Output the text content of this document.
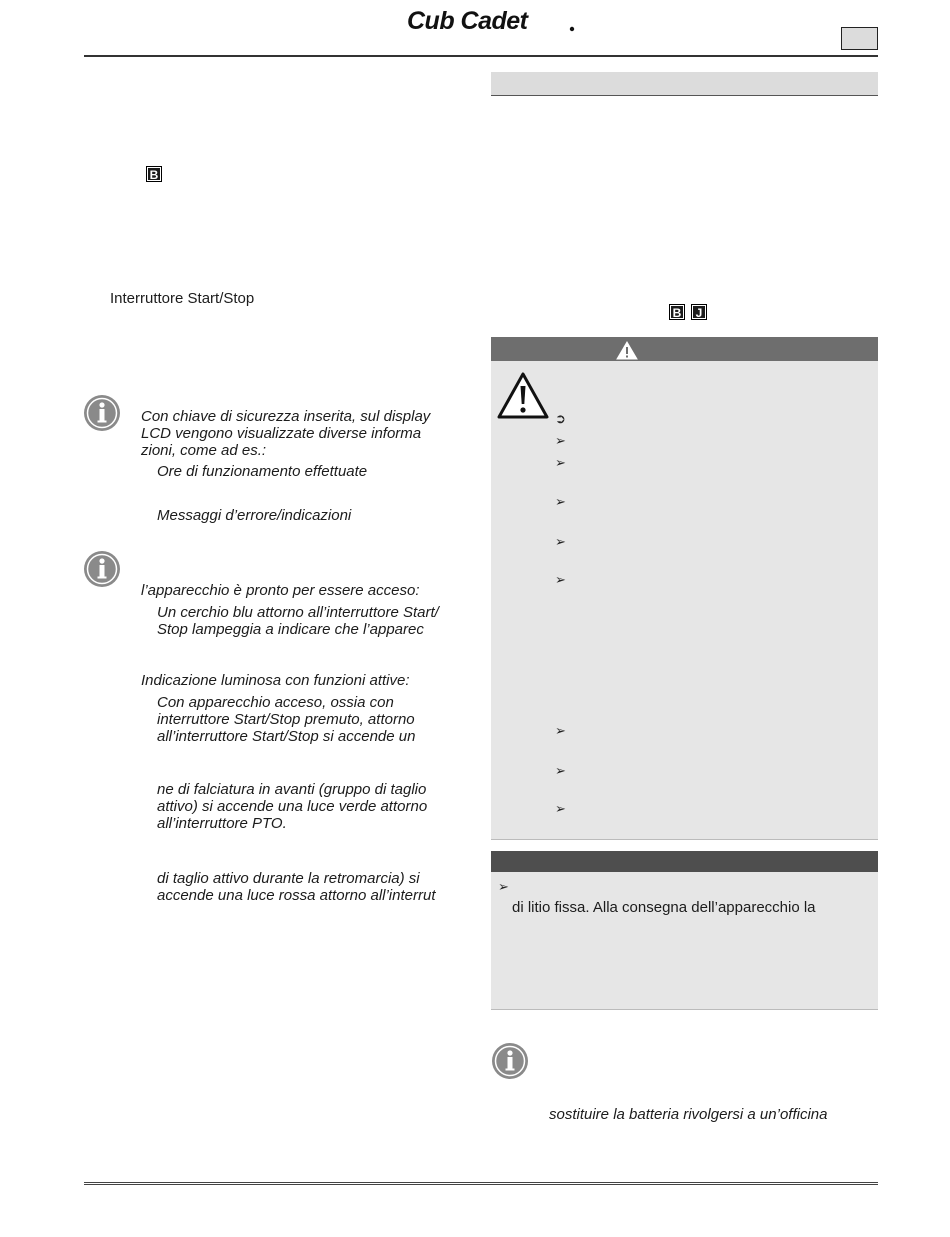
Cub Cadet
B
Interruttore Start/Stop
Con chiave di sicurezza inserita, sul display
LCD vengono visualizzate diverse informa
zioni, come ad es.:
Ore di funzionamento effettuate
Messaggi d’errore/indicazioni
l’apparecchio è pronto per essere acceso:
Un cerchio blu attorno all’interruttore Start/
Stop lampeggia a indicare che l’apparec
Indicazione luminosa con funzioni attive:
Con apparecchio acceso, ossia con
interruttore Start/Stop premuto, attorno
all’interruttore Start/Stop si accende un
ne di falciatura in avanti (gruppo di taglio
attivo) si accende una luce verde attorno
all’interruttore PTO.
di taglio attivo durante la retromarcia) si
accende una luce rossa attorno all’interrut
B	J
➲
➢
➢
➢
➢
➢
➢
➢
➢
➢
di litio fissa. Alla consegna dell’apparecchio la
sostituire la batteria rivolgersi a un’officina
